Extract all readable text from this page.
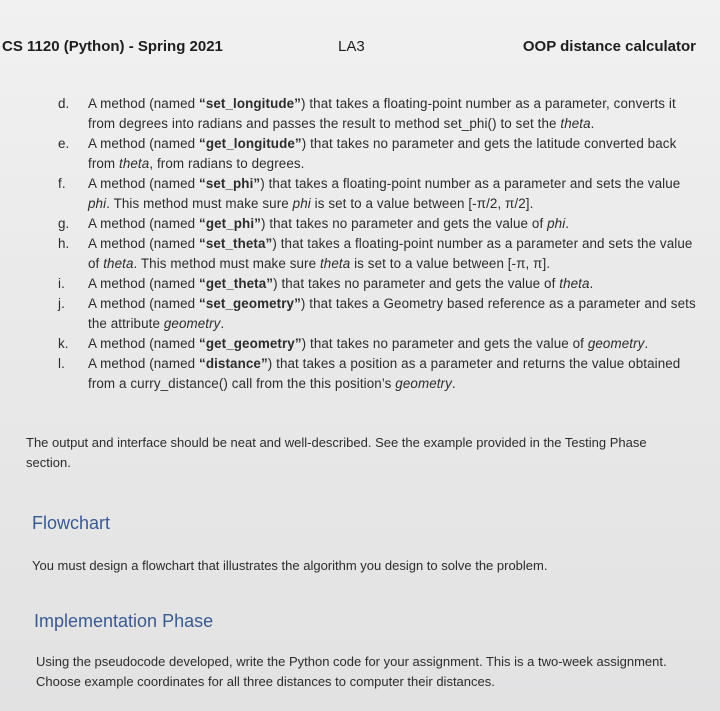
CS 1120 (Python) - Spring 2021	LA3	OOP distance calculator
d.	A method (named “set_longitude”) that takes a floating-point number as a parameter, converts it from degrees into radians and passes the result to method set_phi() to set the theta.
e.	A method (named “get_longitude”) that takes no parameter and gets the latitude converted back from theta, from radians to degrees.
f.	A method (named “set_phi”) that takes a floating-point number as a parameter and sets the value phi. This method must make sure phi is set to a value between [-π/2, π/2].
g.	A method (named “get_phi”) that takes no parameter and gets the value of phi.
h.	A method (named “set_theta”) that takes a floating-point number as a parameter and sets the value of theta. This method must make sure theta is set to a value between [-π, π].
i.	A method (named “get_theta”) that takes no parameter and gets the value of theta.
j.	A method (named “set_geometry”) that takes a Geometry based reference as a parameter and sets the attribute geometry.
k.	A method (named “get_geometry”) that takes no parameter and gets the value of geometry.
l.	A method (named “distance”) that takes a position as a parameter and returns the value obtained from a curry_distance() call from the this position’s geometry.
The output and interface should be neat and well-described. See the example provided in the Testing Phase section.
Flowchart
You must design a flowchart that illustrates the algorithm you design to solve the problem.
Implementation Phase
Using the pseudocode developed, write the Python code for your assignment. This is a two-week assignment. Choose example coordinates for all three distances to computer their distances.
